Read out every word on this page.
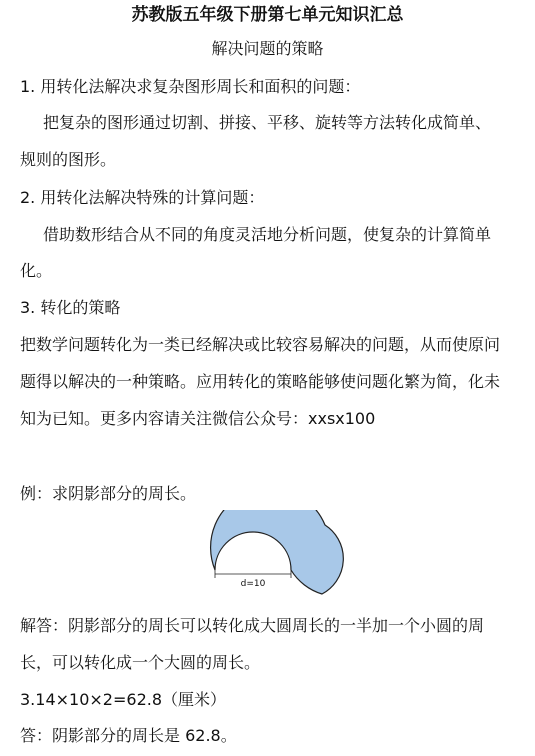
苏教版五年级下册第七单元知识汇总
解决问题的策略
1. 用转化法解决求复杂图形周长和面积的问题：
把复杂的图形通过切割、拼接、平移、旋转等方法转化成简单、
规则的图形。
2. 用转化法解决特殊的计算问题：
借助数形结合从不同的角度灵活地分析问题，使复杂的计算简单
化。
3. 转化的策略
把数学问题转化为一类已经解决或比较容易解决的问题，从而使原问
题得以解决的一种策略。应用转化的策略能够使问题化繁为简，化未
知为已知。更多内容请关注微信公众号：xxsx100
例：求阴影部分的周长。
d=10
解答：阴影部分的周长可以转化成大圆周长的一半加一个小圆的周
长，可以转化成一个大圆的周长。
3.14×10×2=62.8（厘米）
答：阴影部分的周长是 62.8。
